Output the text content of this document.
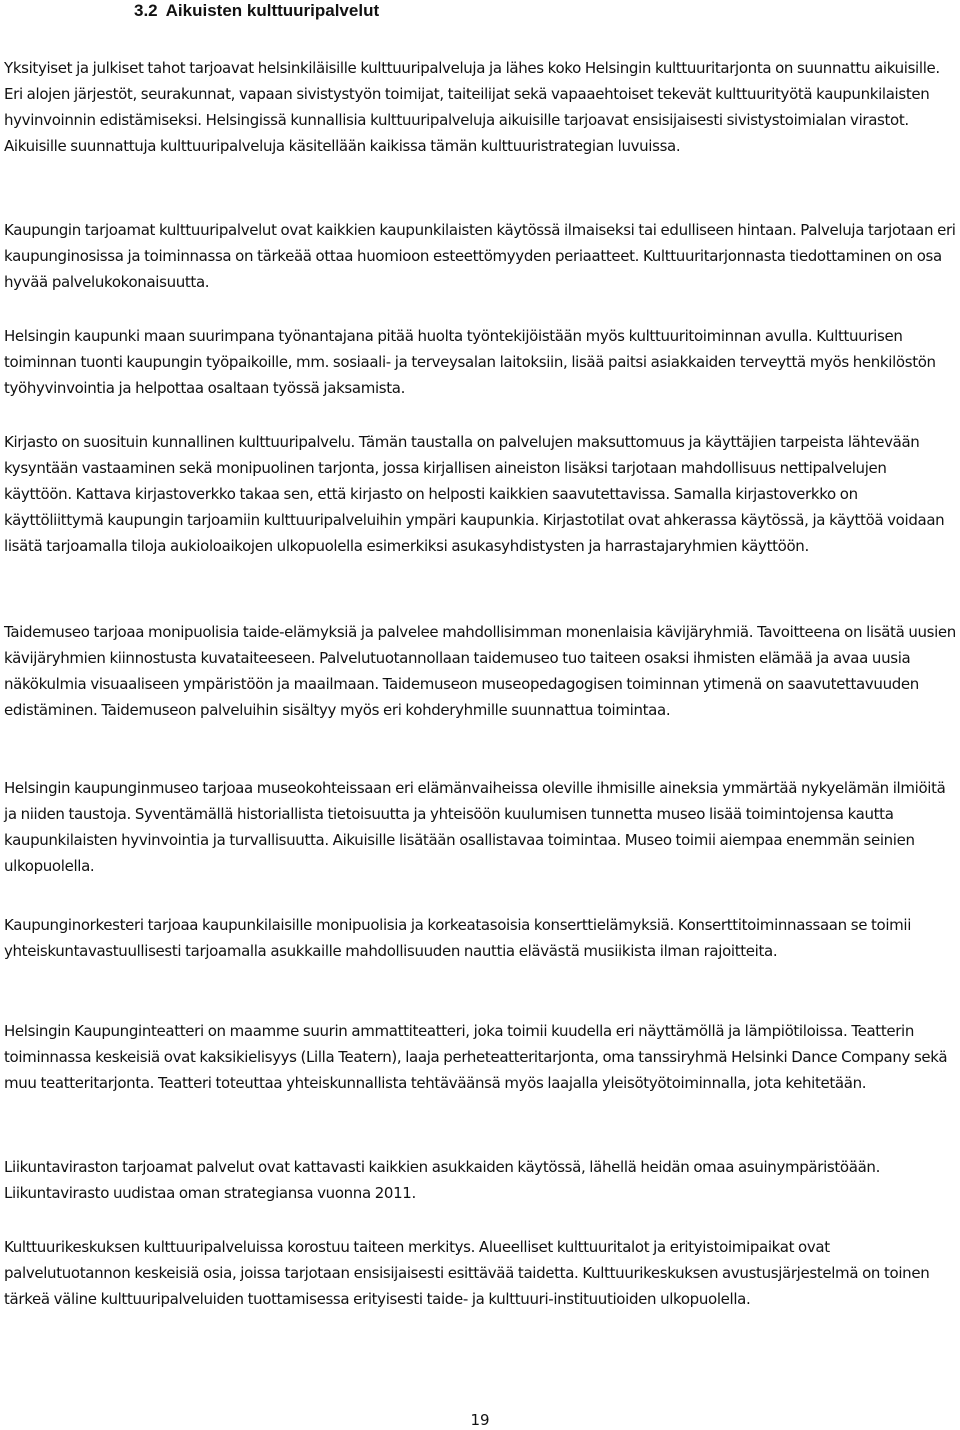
3.2 Aikuisten kulttuuripalvelut

Yksityiset ja julkiset tahot tarjoavat helsinkiläisille kulttuuripalveluja ja lähes koko Helsingin kulttuuritarjonta on suunnattu aikuisille. Eri alojen järjestöt, seurakunnat, vapaan sivistystyön toimijat, taiteilijat sekä vapaaehtoiset tekevät kulttuurityötä kaupunkilaisten hyvinvoinnin edistämiseksi. Helsingissä kunnallisia kulttuuripalveluja aikuisille tarjoavat ensisijaisesti sivistystoimialan virastot. Aikuisille suunnattuja kulttuuripalveluja käsitellään kaikissa tämän kulttuuristrategian luvuissa.

Kaupungin tarjoamat kulttuuripalvelut ovat kaikkien kaupunkilaisten käytössä ilmaiseksi tai edulliseen hintaan. Palveluja tarjotaan eri kaupunginosissa ja toiminnassa on tärkeää ottaa huomioon esteettömyyden periaatteet. Kulttuuritarjonnasta tiedottaminen on osa hyvää palvelukokonaisuutta.

Helsingin kaupunki maan suurimpana työnantajana pitää huolta työntekijöistään myös kulttuuritoiminnan avulla. Kulttuurisen toiminnan tuonti kaupungin työpaikoille, mm. sosiaali- ja terveysalan laitoksiin, lisää paitsi asiakkaiden terveyttä myös henkilöstön työhyvinvointia ja helpottaa osaltaan työssä jaksamista.

Kirjasto on suosituin kunnallinen kulttuuripalvelu. Tämän taustalla on palvelujen maksuttomuus ja käyttäjien tarpeista lähtevään kysyntään vastaaminen sekä monipuolinen tarjonta, jossa kirjallisen aineiston lisäksi tarjotaan mahdollisuus nettipalvelujen käyttöön. Kattava kirjastoverkko takaa sen, että kirjasto on helposti kaikkien saavutettavissa. Samalla kirjastoverkko on käyttöliittymä kaupungin tarjoamiin kulttuuripalveluihin ympäri kaupunkia. Kirjastotilat ovat ahkerassa käytössä, ja käyttöä voidaan lisätä tarjoamalla tiloja aukioloaikojen ulkopuolella esimerkiksi asukasyhdistysten ja harrastajaryhmien käyttöön.

Taidemuseo tarjoaa monipuolisia taide-elämyksiä ja palvelee mahdollisimman monenlaisia kävijäryhmiä. Tavoitteena on lisätä uusien kävijäryhmien kiinnostusta kuvataiteeseen. Palvelutuotannollaan taidemuseo tuo taiteen osaksi ihmisten elämää ja avaa uusia näkökulmia visuaaliseen ympäristöön ja maailmaan. Taidemuseon museopedagogisen toiminnan ytimenä on saavutettavuuden edistäminen. Taidemuseon palveluihin sisältyy myös eri kohderyhmille suunnattua toimintaa.

Helsingin kaupunginmuseo tarjoaa museokohteissaan eri elämänvaiheissa oleville ihmisille aineksia ymmärtää nykyelämän ilmiöitä ja niiden taustoja. Syventämällä historiallista tietoisuutta ja yhteisöön kuulumisen tunnetta museo lisää toimintojensa kautta kaupunkilaisten hyvinvointia ja turvallisuutta. Aikuisille lisätään osallistavaa toimintaa. Museo toimii aiempaa enemmän seinien ulkopuolella.

Kaupunginorkesteri tarjoaa kaupunkilaisille monipuolisia ja korkeatasoisia konserttielämyksiä. Konserttitoiminnassaan se toimii yhteiskuntavastuullisesti tarjoamalla asukkaille mahdollisuuden nauttia elävästä musiikista ilman rajoitteita.

Helsingin Kaupunginteatteri on maamme suurin ammattiteatteri, joka toimii kuudella eri näyttämöllä ja lämpiötiloissa. Teatterin toiminnassa keskeisiä ovat kaksikielisyys (Lilla Teatern), laaja perheteatteritarjonta, oma tanssiryhmä Helsinki Dance Company sekä muu teatteritarjonta. Teatteri toteuttaa yhteiskunnallista tehtäväänsä myös laajalla yleisötyötoiminnalla, jota kehitetään.

Liikuntaviraston tarjoamat palvelut ovat kattavasti kaikkien asukkaiden käytössä, lähellä heidän omaa asuinympäristöään. Liikuntavirasto uudistaa oman strategiansa vuonna 2011.

Kulttuurikeskuksen kulttuuripalveluissa korostuu taiteen merkitys. Alueelliset kulttuuritalot ja erityistoimipaikat ovat palvelutuotannon keskeisiä osia, joissa tarjotaan ensisijaisesti esittävää taidetta. Kulttuurikeskuksen avustusjärjestelmä on toinen tärkeä väline kulttuuripalveluiden tuottamisessa erityisesti taide- ja kulttuuri-instituutioiden ulkopuolella.

19
